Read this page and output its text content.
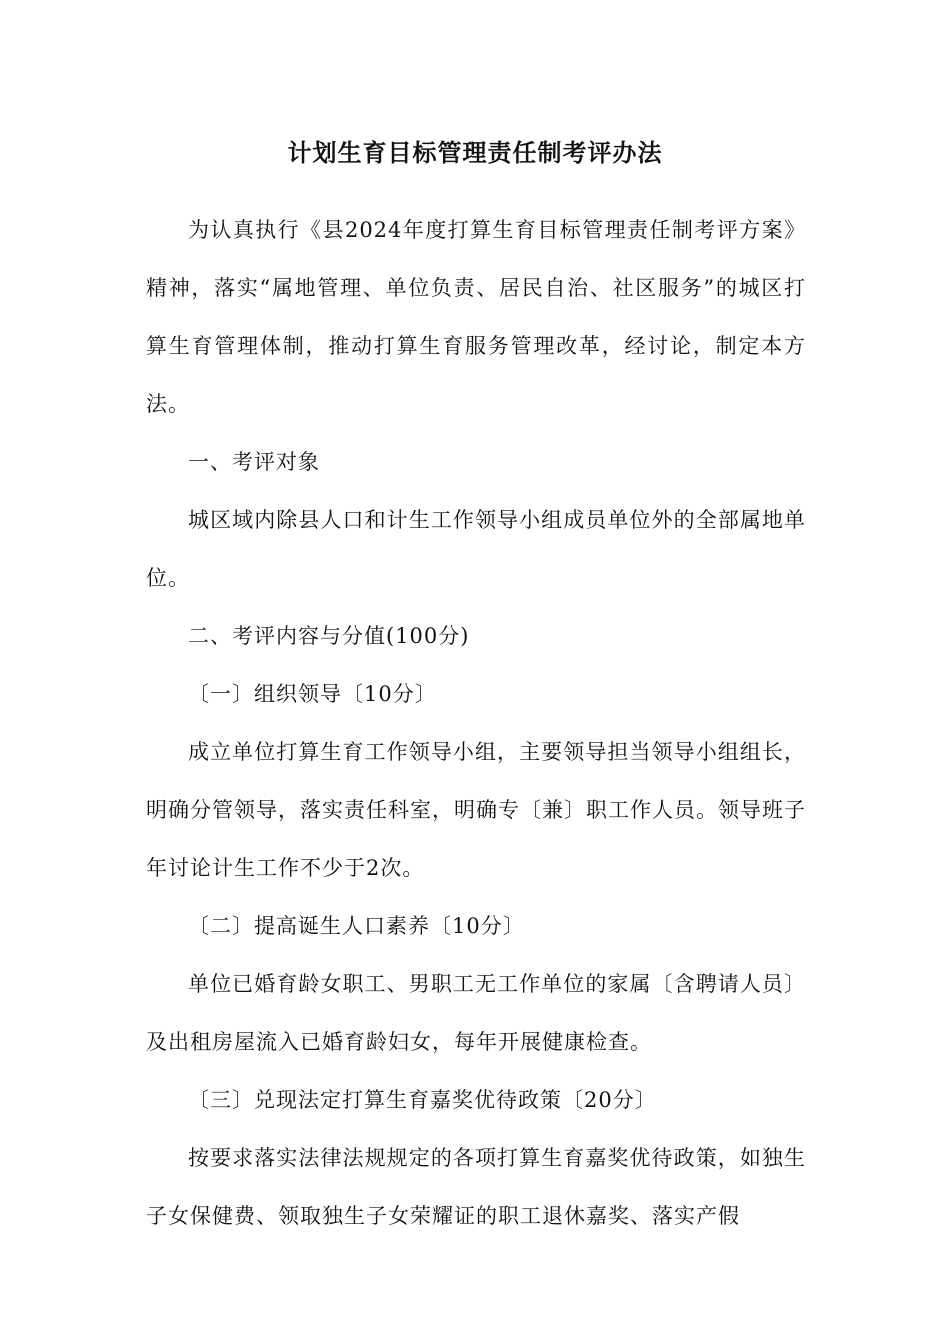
计划生育目标管理责任制考评办法

为认真执行《县2024年度打算生育目标管理责任制考评方案》精神，落实“属地管理、单位负责、居民自治、社区服务”的城区打算生育管理体制，推动打算生育服务管理改革，经讨论，制定本方法。

一、考评对象

城区域内除县人口和计生工作领导小组成员单位外的全部属地单位。

二、考评内容与分值(100分)

〔一〕组织领导〔10分〕

成立单位打算生育工作领导小组，主要领导担当领导小组组长，明确分管领导，落实责任科室，明确专〔兼〕职工作人员。领导班子年讨论计生工作不少于2次。

〔二〕提高诞生人口素养〔10分〕

单位已婚育龄女职工、男职工无工作单位的家属〔含聘请人员〕及出租房屋流入已婚育龄妇女，每年开展健康检查。

〔三〕兑现法定打算生育嘉奖优待政策〔20分〕

按要求落实法律法规规定的各项打算生育嘉奖优待政策，如独生子女保健费、领取独生子女荣耀证的职工退休嘉奖、落实产假
